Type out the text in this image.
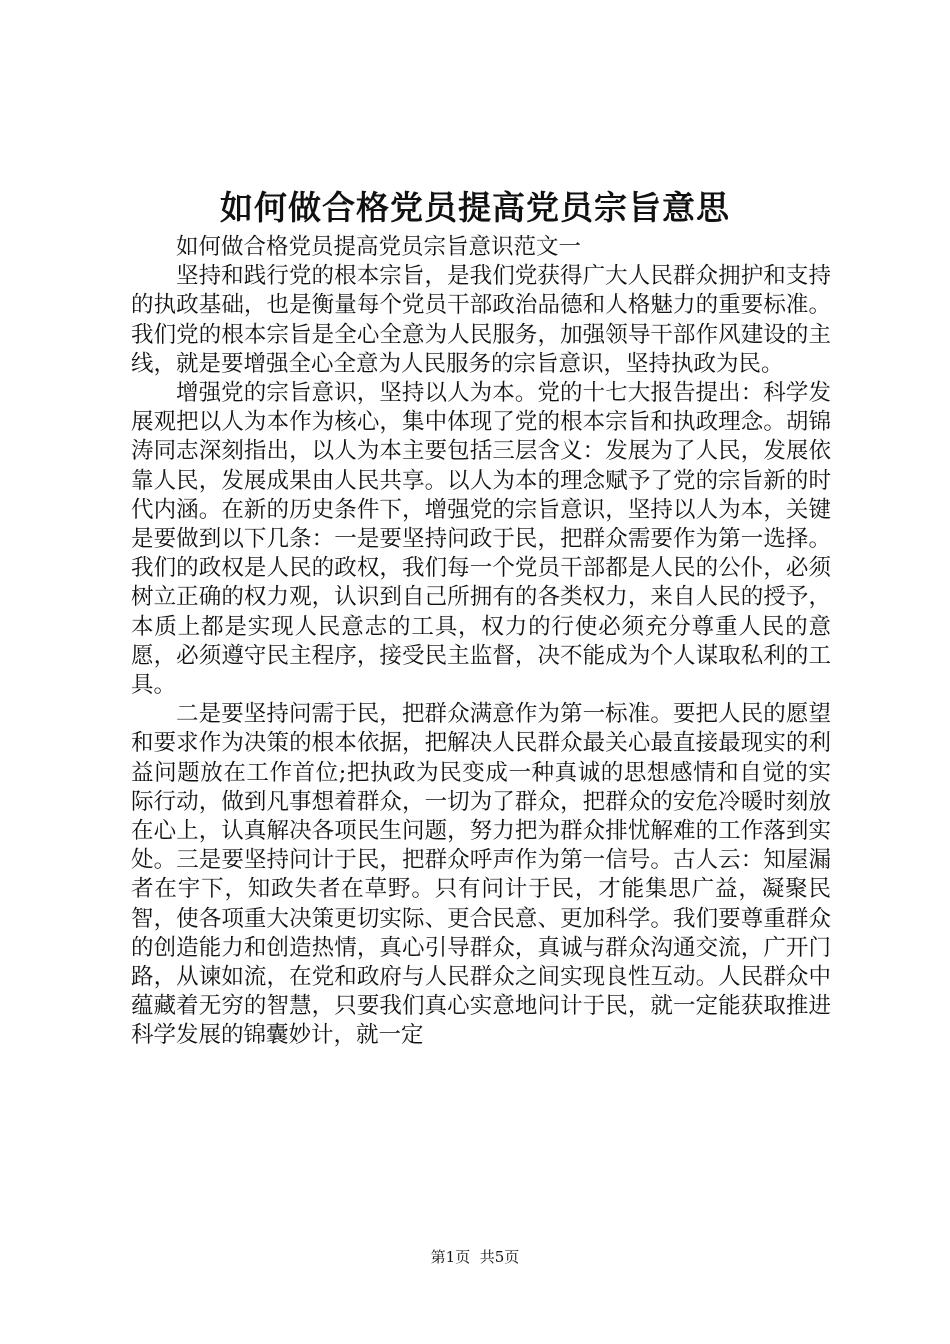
如何做合格党员提高党员宗旨意思

如何做合格党员提高党员宗旨意识范文一

坚持和践行党的根本宗旨，是我们党获得广大人民群众拥护和支持的执政基础，也是衡量每个党员干部政治品德和人格魅力的重要标准。我们党的根本宗旨是全心全意为人民服务，加强领导干部作风建设的主线，就是要增强全心全意为人民服务的宗旨意识，坚持执政为民。

增强党的宗旨意识，坚持以人为本。党的十七大报告提出：科学发展观把以人为本作为核心，集中体现了党的根本宗旨和执政理念。胡锦涛同志深刻指出，以人为本主要包括三层含义：发展为了人民，发展依靠人民，发展成果由人民共享。以人为本的理念赋予了党的宗旨新的时代内涵。在新的历史条件下，增强党的宗旨意识，坚持以人为本，关键是要做到以下几条：一是要坚持问政于民，把群众需要作为第一选择。我们的政权是人民的政权，我们每一个党员干部都是人民的公仆，必须树立正确的权力观，认识到自己所拥有的各类权力，来自人民的授予，本质上都是实现人民意志的工具，权力的行使必须充分尊重人民的意愿，必须遵守民主程序，接受民主监督，决不能成为个人谋取私利的工具。

二是要坚持问需于民，把群众满意作为第一标准。要把人民的愿望和要求作为决策的根本依据，把解决人民群众最关心最直接最现实的利益问题放在工作首位;把执政为民变成一种真诚的思想感情和自觉的实际行动，做到凡事想着群众，一切为了群众，把群众的安危冷暖时刻放在心上，认真解决各项民生问题，努力把为群众排忧解难的工作落到实处。三是要坚持问计于民，把群众呼声作为第一信号。古人云：知屋漏者在宇下，知政失者在草野。只有问计于民，才能集思广益，凝聚民智，使各项重大决策更切实际、更合民意、更加科学。我们要尊重群众的创造能力和创造热情，真心引导群众，真诚与群众沟通交流，广开门路，从谏如流，在党和政府与人民群众之间实现良性互动。人民群众中蕴藏着无穷的智慧，只要我们真心实意地问计于民，就一定能获取推进科学发展的锦囊妙计，就一定

第1页 共5页
